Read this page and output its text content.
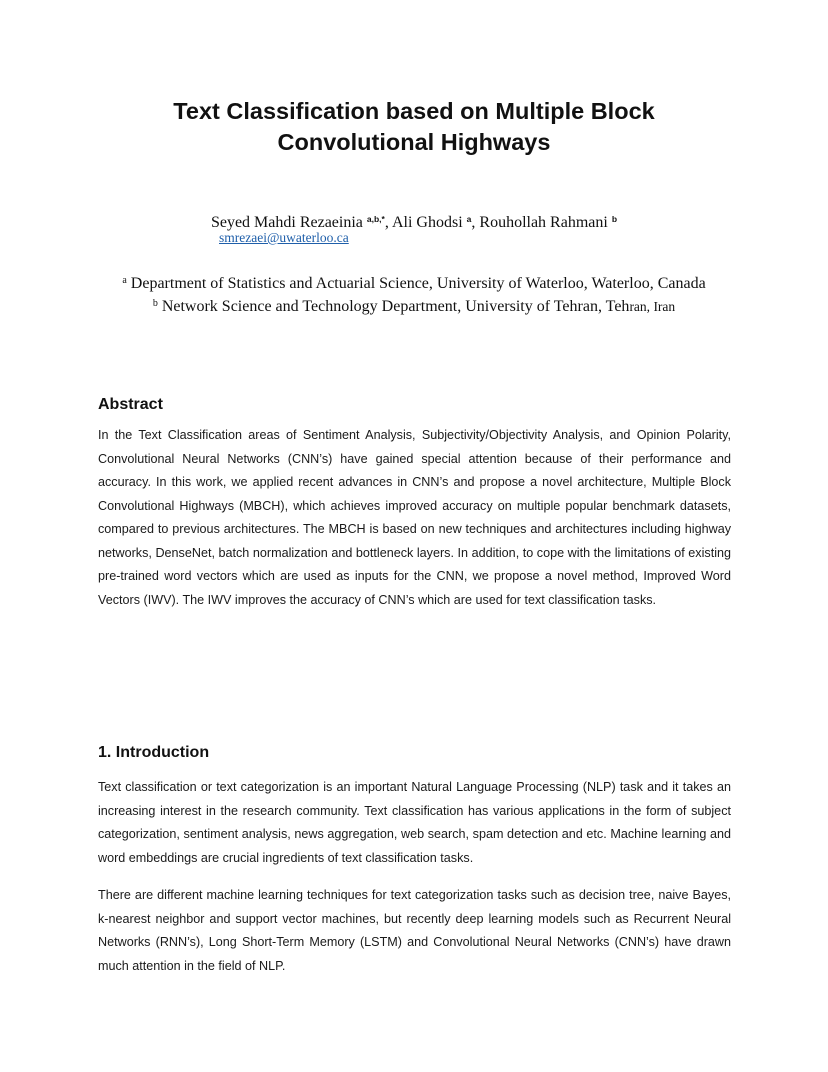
Text Classification based on Multiple Block
Convolutional Highways
Seyed Mahdi Rezaeinia $^{a,b,*}$, Ali Ghodsi $^a$, Rouhollah Rahmani $^b$
smrezaei@uwaterloo.ca
$^a$ Department of Statistics and Actuarial Science, University of Waterloo, Waterloo, Canada
$^b$ Network Science and Technology Department, University of Tehran, Tehran, Iran
Abstract

In the Text Classification areas of Sentiment Analysis, Subjectivity/Objectivity Analysis, and Opinion Polarity, Convolutional Neural Networks (CNN’s) have gained special attention because of their performance and accuracy. In this work, we applied recent advances in CNN’s and propose a novel architecture, Multiple Block Convolutional Highways (MBCH), which achieves improved accuracy on multiple popular benchmark datasets, compared to previous architectures. The MBCH is based on new techniques and architectures including highway networks, DenseNet, batch normalization and bottleneck layers. In addition, to cope with the limitations of existing pre-trained word vectors which are used as inputs for the CNN, we propose a novel method, Improved Word Vectors (IWV). The IWV improves the accuracy of CNN’s which are used for text classification tasks.

1. Introduction

Text classification or text categorization is an important Natural Language Processing (NLP) task and it takes an increasing interest in the research community. Text classification has various applications in the form of subject categorization, sentiment analysis, news aggregation, web search, spam detection and etc. Machine learning and word embeddings are crucial ingredients of text classification tasks.

There are different machine learning techniques for text categorization tasks such as decision tree, naive Bayes, k-nearest neighbor and support vector machines, but recently deep learning models such as Recurrent Neural Networks (RNN’s), Long Short-Term Memory (LSTM) and Convolutional Neural Networks (CNN’s) have drawn much attention in the field of NLP.
